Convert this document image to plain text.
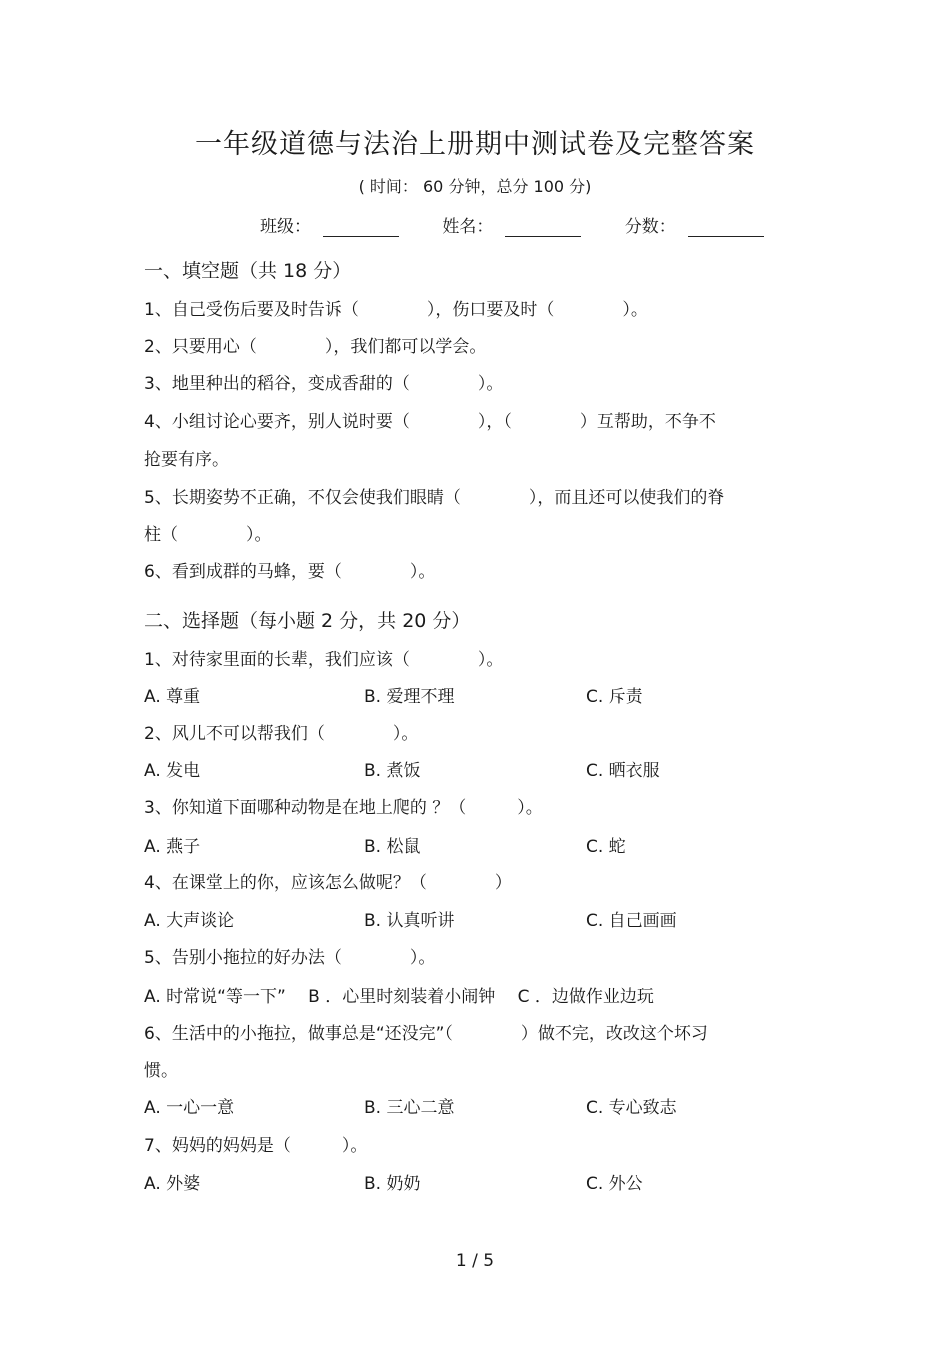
一年级道德与法治上册期中测试卷及完整答案
( 时间： 60 分钟，总分 100 分)
班级：	姓名：	分数：
一、填空题（共 18 分）
1、自己受伤后要及时告诉（　　　　），伤口要及时（　　　　）。
2、只要用心（　　　　），我们都可以学会。
3、地里种出的稻谷，变成香甜的（　　　　）。
4、小组讨论心要齐，别人说时要（　　　　），（　　　　）互帮助，不争不
抢要有序。
5、长期姿势不正确，不仅会使我们眼睛（　　　　），而且还可以使我们的脊
柱（　　　　）。
6、看到成群的马蜂，要（　　　　）。
二、选择题（每小题 2 分，共 20 分）
1、对待家里面的长辈，我们应该（　　　　）。
A. 尊重	B. 爱理不理	C. 斥责
2、风儿不可以帮我们（　　　　）。
A. 发电	B. 煮饭	C. 晒衣服
3、你知道下面哪种动物是在地上爬的 ？（　　　）。
A. 燕子	B. 松鼠	C. 蛇
4、在课堂上的你，应该怎么做呢？（　　　　）
A. 大声谈论	B. 认真听讲	C. 自己画画
5、告别小拖拉的好办法（　　　　）。
A. 时常说“等一下”　 B ．心里时刻装着小闹钟　 C ．边做作业边玩
6、生活中的小拖拉，做事总是“还没完”（　　　　）做不完，改改这个坏习
惯。
A. 一心一意	B. 三心二意	C. 专心致志
7、妈妈的妈妈是（　　　）。
A. 外婆	B. 奶奶	C. 外公
1 / 5
